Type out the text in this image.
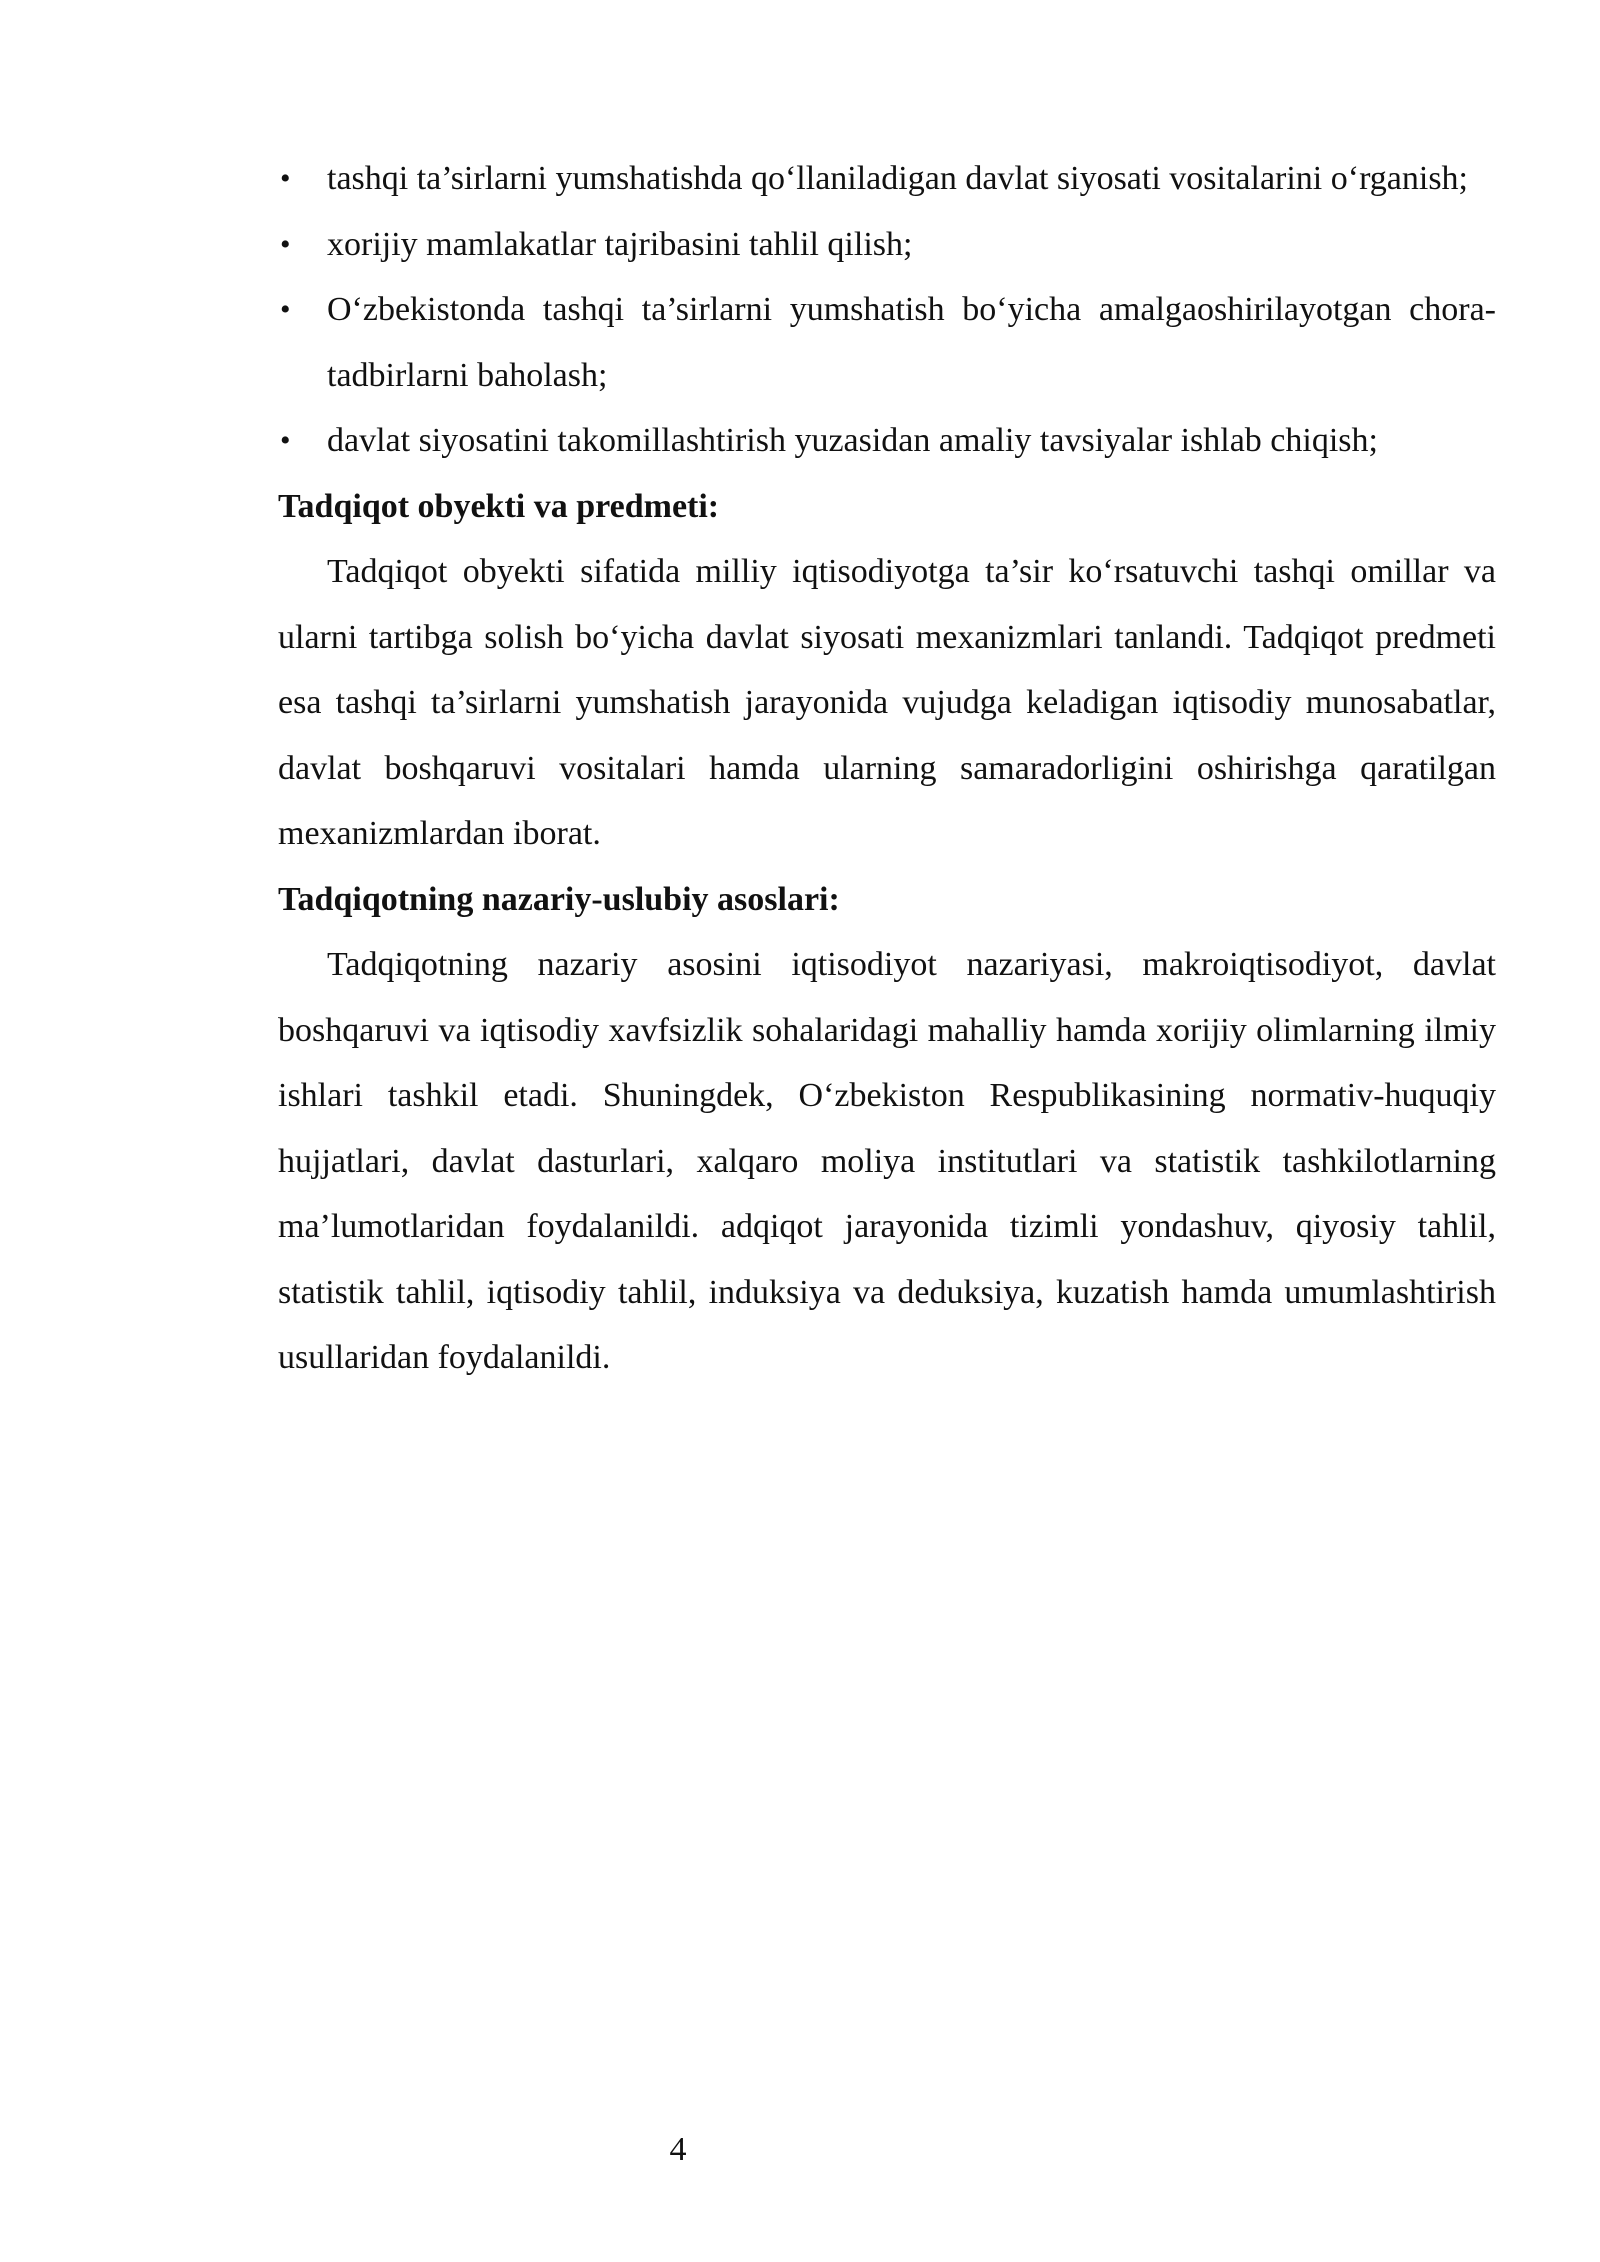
• tashqi ta’sirlarni yumshatishda qo‘llaniladigan davlat siyosati vositalarini o‘rganish;
• xorijiy mamlakatlar tajribasini tahlil qilish;
• O‘zbekistonda tashqi ta’sirlarni yumshatish bo‘yicha amalgaoshirilayotgan chora-tadbirlarni baholash;
• davlat siyosatini takomillashtirish yuzasidan amaliy tavsiyalar ishlab chiqish;

Tadqiqot obyekti va predmeti:

Tadqiqot obyekti sifatida milliy iqtisodiyotga ta’sir ko‘rsatuvchi tashqi omillar va ularni tartibga solish bo‘yicha davlat siyosati mexanizmlari tanlandi. Tadqiqot predmeti esa tashqi ta’sirlarni yumshatish jarayonida vujudga keladigan iqtisodiy munosabatlar, davlat boshqaruvi vositalari hamda ularning samaradorligini oshirishga qaratilgan mexanizmlardan iborat.

Tadqiqotning nazariy-uslubiy asoslari:

Tadqiqotning nazariy asosini iqtisodiyot nazariyasi, makroiqtisodiyot, davlat boshqaruvi va iqtisodiy xavfsizlik sohalaridagi mahalliy hamda xorijiy olimlarning ilmiy ishlari tashkil etadi. Shuningdek, O‘zbekiston Respublikasining normativ-huquqiy hujjatlari, davlat dasturlari, xalqaro moliya institutlari va statistik tashkilotlarning ma’lumotlaridan foydalanildi. adqiqot jarayonida tizimli yondashuv, qiyosiy tahlil, statistik tahlil, iqtisodiy tahlil, induksiya va deduksiya, kuzatish hamda umumlashtirish usullaridan foydalanildi.

4
